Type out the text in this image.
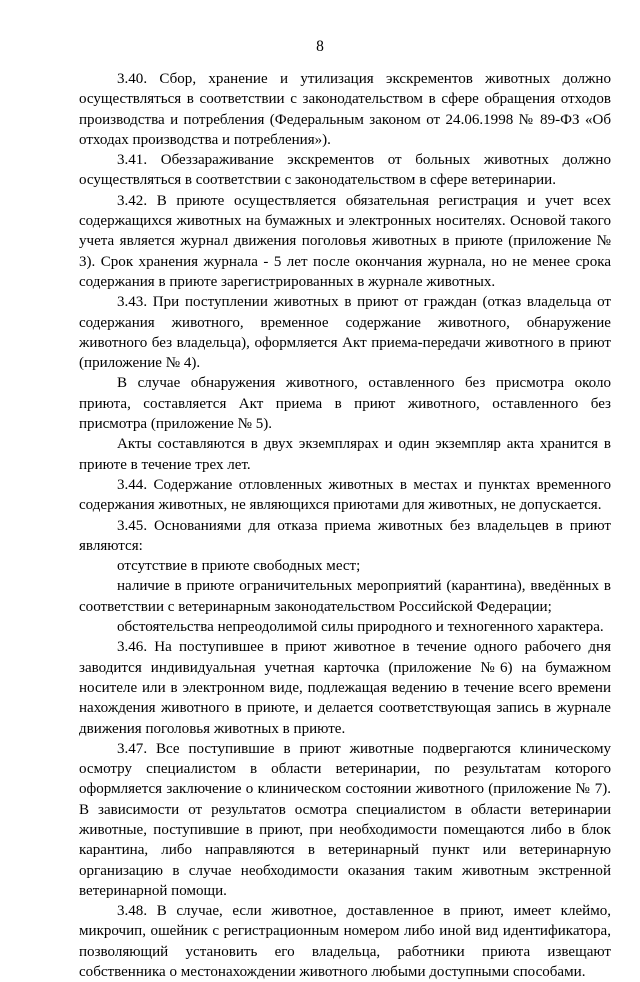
8

3.40. Сбор, хранение и утилизация экскрементов животных должно осуществляться в соответствии с законодательством в сфере обращения отходов производства и потребления (Федеральным законом от 24.06.1998 № 89-ФЗ «Об отходах производства и потребления»).

3.41. Обеззараживание экскрементов от больных животных должно осуществляться в соответствии с законодательством в сфере ветеринарии.

3.42. В приюте осуществляется обязательная регистрация и учет всех содержащихся животных на бумажных и электронных носителях. Основой такого учета является журнал движения поголовья животных в приюте (приложение № 3). Срок хранения журнала - 5 лет после окончания журнала, но не менее срока содержания в приюте зарегистрированных в журнале животных.

3.43. При поступлении животных в приют от граждан (отказ владельца от содержания животного, временное содержание животного, обнаружение животного без владельца), оформляется Акт приема-передачи животного в приют (приложение № 4).

В случае обнаружения животного, оставленного без присмотра около приюта, составляется Акт приема в приют животного, оставленного без присмотра (приложение № 5).

Акты составляются в двух экземплярах и один экземпляр акта хранится в приюте в течение трех лет.

3.44. Содержание отловленных животных в местах и пунктах временного содержания животных, не являющихся приютами для животных, не допускается.

3.45. Основаниями для отказа приема животных без владельцев в приют являются:

отсутствие в приюте свободных мест;

наличие в приюте ограничительных мероприятий (карантина), введённых в соответствии с ветеринарным законодательством Российской Федерации;

обстоятельства непреодолимой силы природного и техногенного характера.

3.46. На поступившее в приют животное в течение одного рабочего дня заводится индивидуальная учетная карточка (приложение №6) на бумажном носителе или в электронном виде, подлежащая ведению в течение всего времени нахождения животного в приюте, и делается соответствующая запись в журнале движения поголовья животных в приюте.

3.47. Все поступившие в приют животные подвергаются клиническому осмотру специалистом в области ветеринарии, по результатам которого оформляется заключение о клиническом состоянии животного (приложение № 7). В зависимости от результатов осмотра специалистом в области ветеринарии животные, поступившие в приют, при необходимости помещаются либо в блок карантина, либо направляются в ветеринарный пункт или ветеринарную организацию в случае необходимости оказания таким животным экстренной ветеринарной помощи.

3.48. В случае, если животное, доставленное в приют, имеет клеймо, микрочип, ошейник с регистрационным номером либо иной вид идентификатора, позволяющий установить его владельца, работники приюта извещают собственника о местонахождении животного любыми доступными способами.
